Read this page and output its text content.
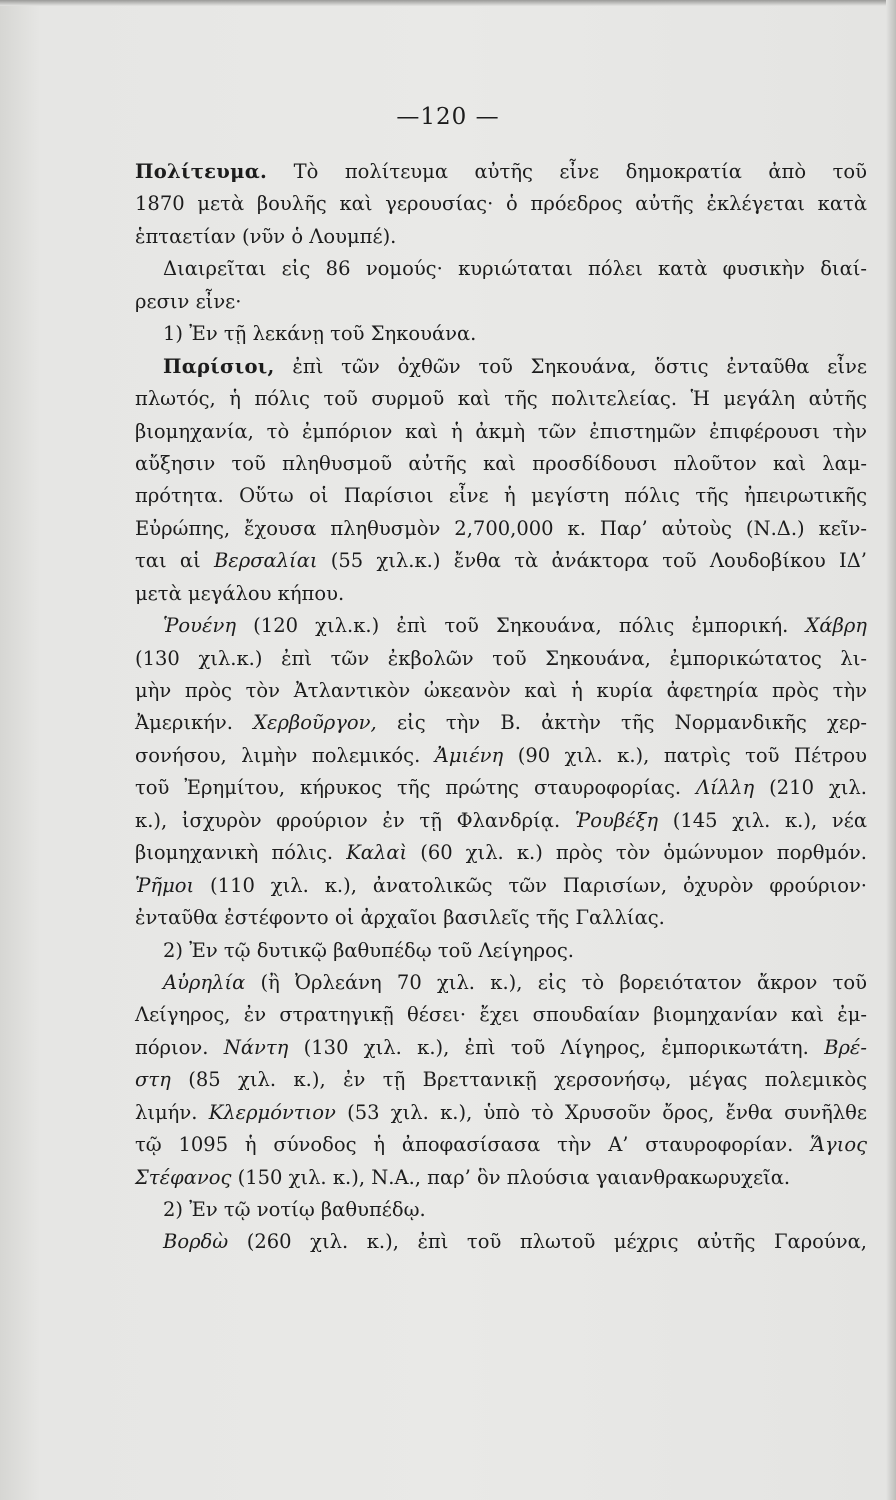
—120 —
Πολίτευμα. Τὸ πολίτευμα αὐτῆς εἶνε δημοκρατία ἀπὸ τοῦ
1870 μετὰ βουλῆς καὶ γερουσίας· ὁ πρόεδρος αὐτῆς ἐκλέγεται κατὰ
ἑπταετίαν (νῦν ὁ Λουμπέ).
Διαιρεῖται εἰς 86 νομούς· κυριώταται πόλει κατὰ φυσικὴν διαί-
ρεσιν εἶνε·
1) Ἐν τῇ λεκάνῃ τοῦ Σηκουάνα.
Παρίσιοι, ἐπὶ τῶν ὀχθῶν τοῦ Σηκουάνα, ὅστις ἐνταῦθα εἶνε
πλωτός, ἡ πόλις τοῦ συρμοῦ καὶ τῆς πολιτελείας. Ἡ μεγάλη αὐτῆς
βιομηχανία, τὸ ἐμπόριον καὶ ἡ ἀκμὴ τῶν ἐπιστημῶν ἐπιφέρουσι τὴν
αὔξησιν τοῦ πληθυσμοῦ αὐτῆς καὶ προσδίδουσι πλοῦτον καὶ λαμ-
πρότητα. Οὕτω οἱ Παρίσιοι εἶνε ἡ μεγίστη πόλις τῆς ἠπειρωτικῆς
Εὐρώπης, ἔχουσα πληθυσμὸν 2,700,000 κ. Παρ’ αὐτοὺς (Ν.Δ.) κεῖν-
ται αἱ Βερσαλίαι (55 χιλ.κ.) ἔνθα τὰ ἀνάκτορα τοῦ Λουδοβίκου ΙΔ’
μετὰ μεγάλου κήπου.
Ῥουένη (120 χιλ.κ.) ἐπὶ τοῦ Σηκουάνα, πόλις ἐμπορική. Χάβρη
(130 χιλ.κ.) ἐπὶ τῶν ἐκβολῶν τοῦ Σηκουάνα, ἐμπορικώτατος λι-
μὴν πρὸς τὸν Ἀτλαντικὸν ὠκεανὸν καὶ ἡ κυρία ἀφετηρία πρὸς τὴν
Ἀμερικήν. Χερβοῦργον, εἰς τὴν Β. ἀκτὴν τῆς Νορμανδικῆς χερ-
σονήσου, λιμὴν πολεμικός. Ἀμιένη (90 χιλ. κ.), πατρὶς τοῦ Πέτρου
τοῦ Ἐρημίτου, κήρυκος τῆς πρώτης σταυροφορίας. Λίλλη (210 χιλ.
κ.), ἰσχυρὸν φρούριον ἐν τῇ Φλανδρίᾳ. Ῥουβέξη (145 χιλ. κ.), νέα
βιομηχανικὴ πόλις. Καλαὶ (60 χιλ. κ.) πρὸς τὸν ὁμώνυμον πορθμόν.
Ῥῆμοι (110 χιλ. κ.), ἀνατολικῶς τῶν Παρισίων, ὀχυρὸν φρούριον·
ἐνταῦθα ἐστέφοντο οἱ ἀρχαῖοι βασιλεῖς τῆς Γαλλίας.
2) Ἐν τῷ δυτικῷ βαθυπέδῳ τοῦ Λείγηρος.
Αὐρηλία (ἢ Ὀρλεάνη 70 χιλ. κ.), εἰς τὸ βορειότατον ἄκρον τοῦ
Λείγηρος, ἐν στρατηγικῇ θέσει· ἔχει σπουδαίαν βιομηχανίαν καὶ ἐμ-
πόριον. Νάντη (130 χιλ. κ.), ἐπὶ τοῦ Λίγηρος, ἐμπορικωτάτη. Βρέ-
στη (85 χιλ. κ.), ἐν τῇ Βρεττανικῇ χερσονήσῳ, μέγας πολεμικὸς
λιμήν. Κλερμόντιον (53 χιλ. κ.), ὑπὸ τὸ Χρυσοῦν ὄρος, ἔνθα συνῆλθε
τῷ 1095 ἡ σύνοδος ἡ ἀποφασίσασα τὴν Α’ σταυροφορίαν. Ἅγιος
Στέφανος (150 χιλ. κ.), Ν.Α., παρ’ ὃν πλούσια γαιανθρακωρυχεῖα.
2) Ἐν τῷ νοτίῳ βαθυπέδῳ.
Βορδὼ (260 χιλ. κ.), ἐπὶ τοῦ πλωτοῦ μέχρις αὐτῆς Γαρούνα,
